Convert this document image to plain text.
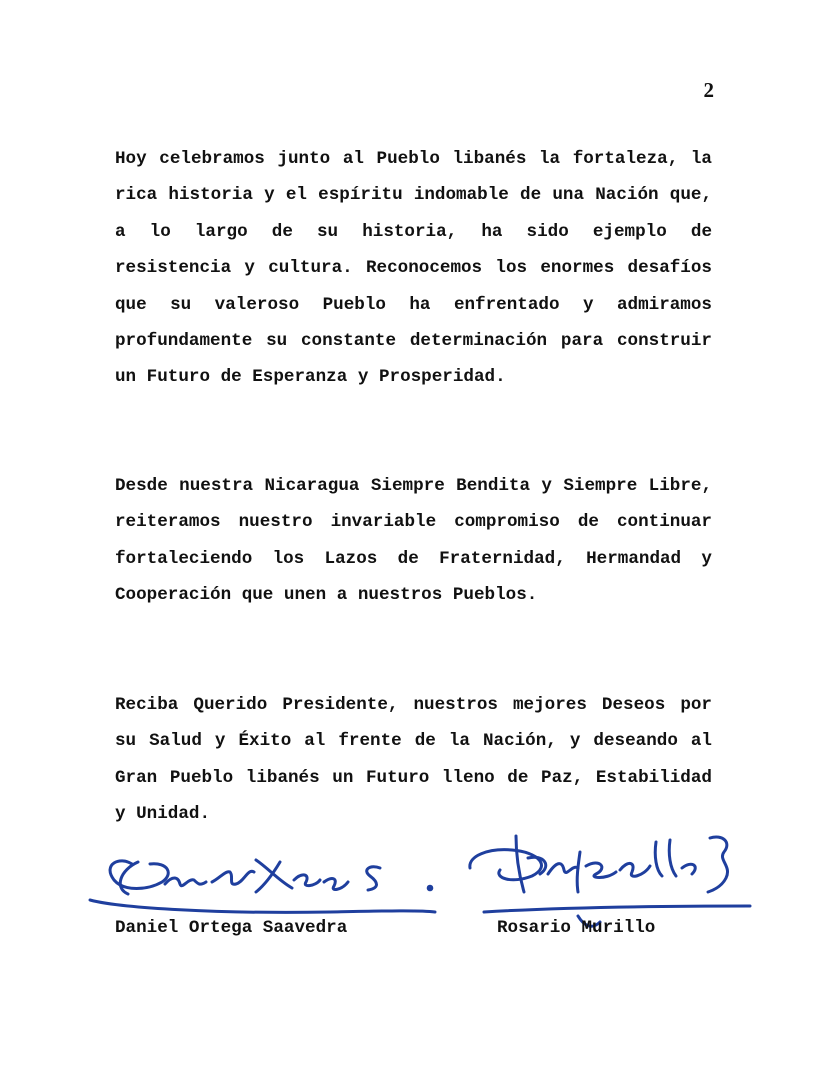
2

Hoy celebramos junto al Pueblo libanés la fortaleza, la rica historia y el espíritu indomable de una Nación que, a lo largo de su historia, ha sido ejemplo de resistencia y cultura. Reconocemos los enormes desafíos que su valeroso Pueblo ha enfrentado y admiramos profundamente su constante determinación para construir un Futuro de Esperanza y Prosperidad.

Desde nuestra Nicaragua Siempre Bendita y Siempre Libre, reiteramos nuestro invariable compromiso de continuar fortaleciendo los Lazos de Fraternidad, Hermandad y Cooperación que unen a nuestros Pueblos.

Reciba Querido Presidente, nuestros mejores Deseos por su Salud y Éxito al frente de la Nación, y deseando al Gran Pueblo libanés un Futuro lleno de Paz, Estabilidad y Unidad.

Daniel Ortega Saavedra	Rosario Murillo
